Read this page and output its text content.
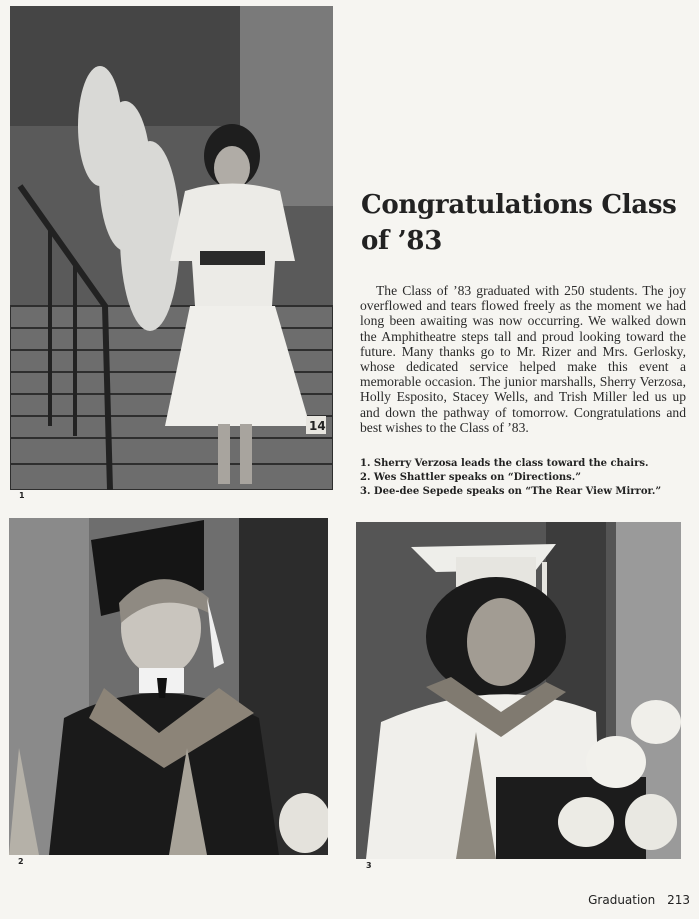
14
1
2	3
Congratulations Class of ’83

The Class of ’83 graduated with 250 students. The joy overflowed and tears flowed freely as the moment we had long been awaiting was now occurring. We walked down the Amphitheatre steps tall and proud looking toward the future. Many thanks go to Mr. Rizer and Mrs. Gerlosky, whose dedicated service helped make this event a memorable occasion. The junior marshalls, Sherry Verzosa, Holly Esposito, Stacey Wells, and Trish Miller led us up and down the pathway of tomorrow. Congratulations and best wishes to the Class of ’83.

1. Sherry Verzosa leads the class toward the chairs.
2. Wes Shattler speaks on “Directions.”
3. Dee-dee Sepede speaks on “The Rear View Mirror.”
Graduation 213
